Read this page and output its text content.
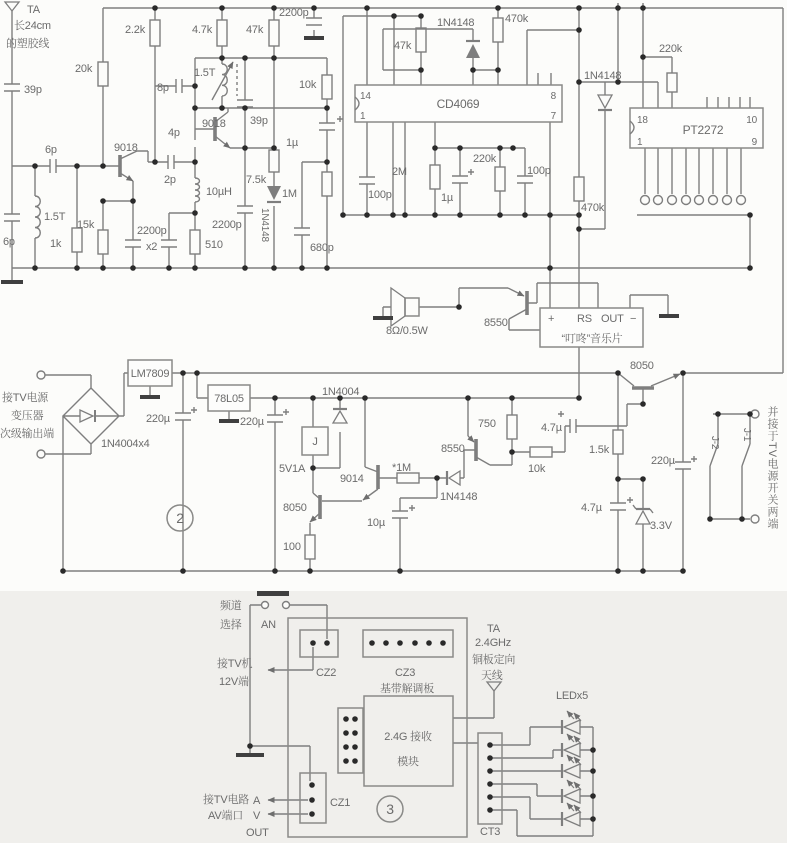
TA
长24cm
的塑胶线
39p
6p
1.5T
6p	1k
15k
20k
9018
2200p
x2
2.2k	4.7k	47k
8p
1.5T
4p
9018 39p
2p
10µH
510
2200p 1N4148
7.5k
2200p
10k
1µ
1M
680p
100p
14
1
CD4069
8
7
47k
1N4148	470k
2M
1µ
220k
100p
1N4148
470k
220k
18
1
PT2272
10
9
8Ω/0.5W
8550	+ RS OUT −
“叮咚”音乐片
8050
接TV电源
变压器
次级输出端
1N4004x4
LM7809
220µ
78L05
220µ
1N4004
J
5V1A
9014
*1M
8550
1N4148
750
10µ
8050
100
10k
4.7µ
1.5k
220µ
4.7µ
3.3V
J-1
J-2	并接于TV电源开关两端
2
频道
选择 AN
接TV机
12V端
CZ2	CZ3
基带解调板
2.4G 接收
模块
TA
2.4GHz
铜板定向
天线
LEDx5
接TV电路
AV端口
A
V
OUT
CZ1
CT3
3
